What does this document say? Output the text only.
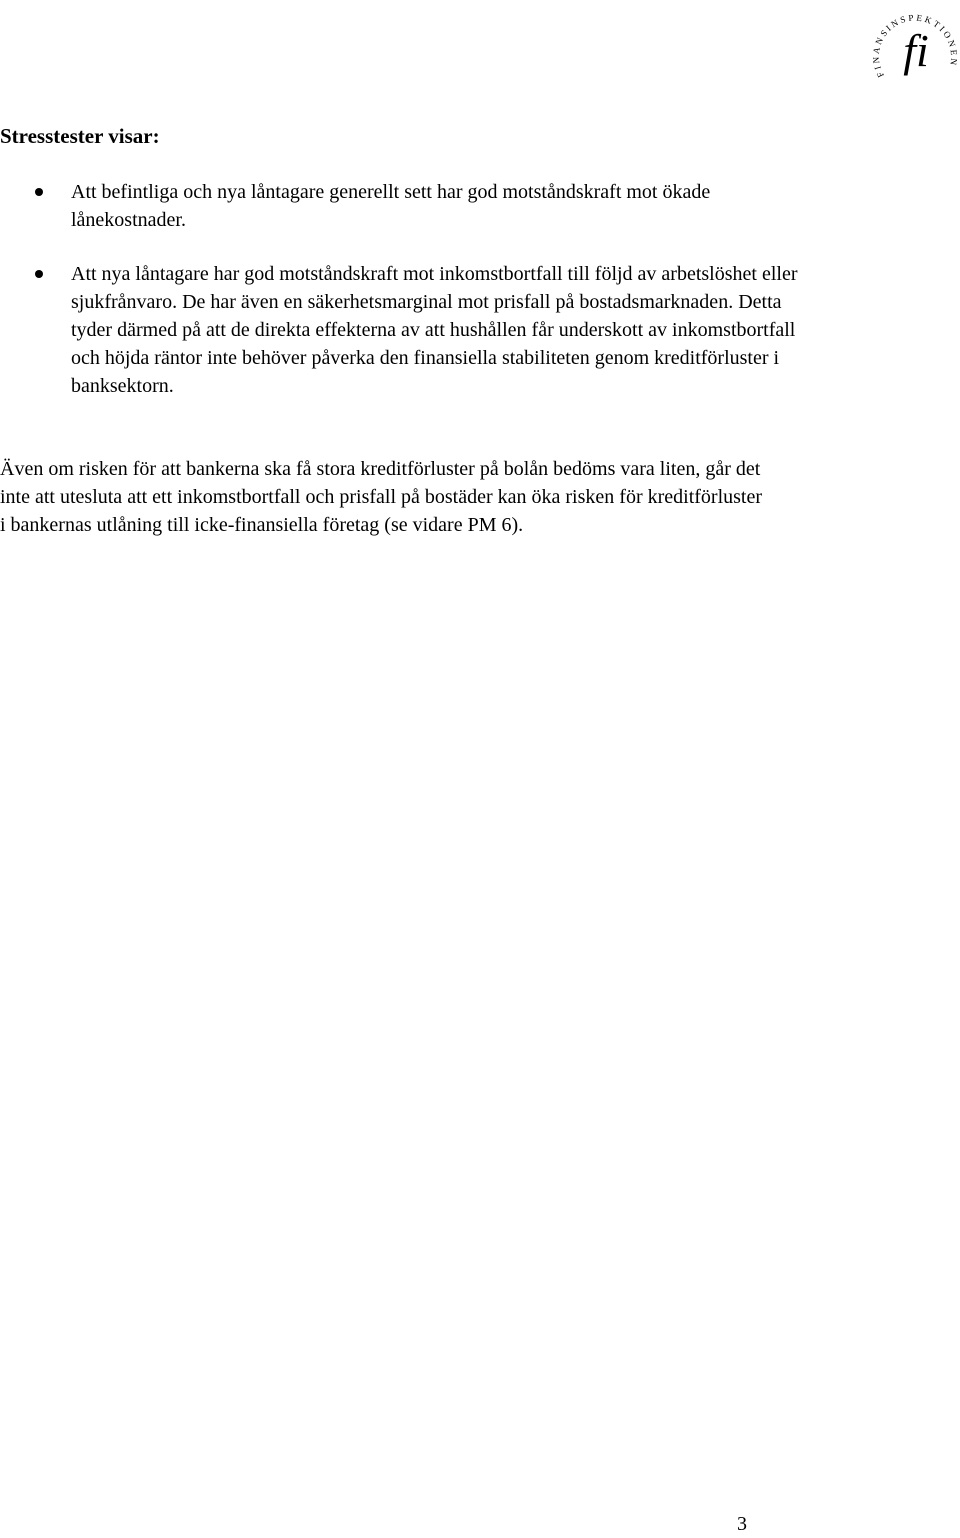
FI ANSINSPEKTION
fi
Stresstester visar:
Att befintliga och nya låntagare generellt sett har god motståndskraft mot ökade lånekostnader.
Att nya låntagare har god motståndskraft mot inkomstbortfall till följd av arbetslöshet eller sjukfrånvaro. De har även en säkerhetsmarginal mot prisfall på bostadsmarknaden. Detta tyder därmed på att de direkta effekterna av att hushållen får underskott av inkomstbortfall och höjda räntor inte behöver påverka den finansiella stabiliteten genom kreditförluster i banksektorn.

Även om risken för att bankerna ska få stora kreditförluster på bolån bedöms vara liten, går det inte att utesluta att ett inkomstbortfall och prisfall på bostäder kan öka risken för kreditförluster i bankernas utlåning till icke-finansiella företag (se vidare PM 6).

3
